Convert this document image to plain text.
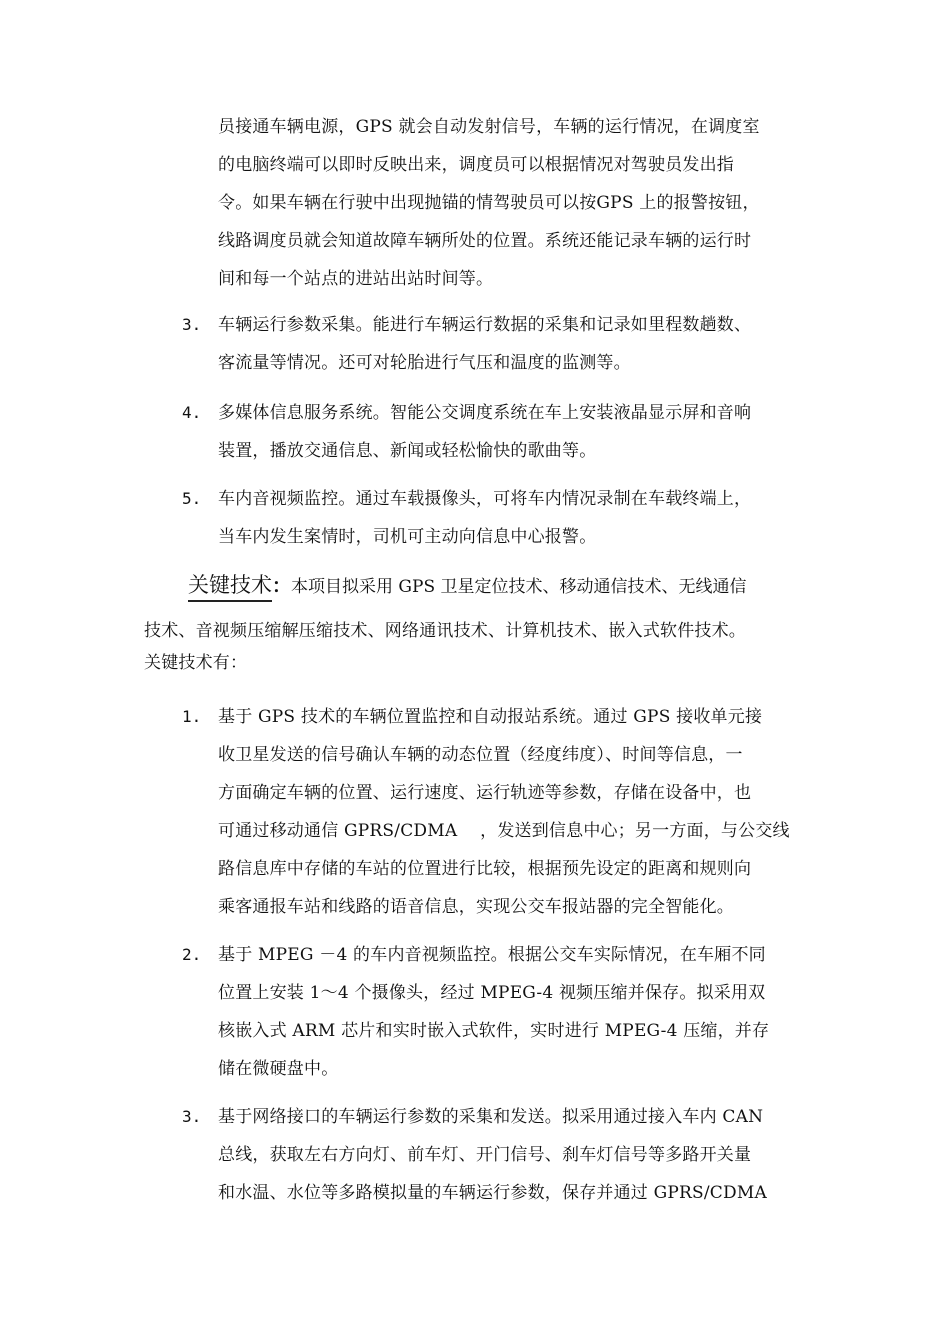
员接通车辆电源，GPS 就会自动发射信号，车辆的运行情况，在调度室
的电脑终端可以即时反映出来，调度员可以根据情况对驾驶员发出指
令。如果车辆在行驶中出现抛锚的情驾驶员可以按GPS 上的报警按钮，
线路调度员就会知道故障车辆所处的位置。系统还能记录车辆的运行时
间和每一个站点的进站出站时间等。
3. 车辆运行参数采集。能进行车辆运行数据的采集和记录如里程数趟数、
客流量等情况。还可对轮胎进行气压和温度的监测等。
4. 多媒体信息服务系统。智能公交调度系统在车上安装液晶显示屏和音响
装置，播放交通信息、新闻或轻松愉快的歌曲等。
5. 车内音视频监控。通过车载摄像头，可将车内情况录制在车载终端上，
当车内发生案情时，司机可主动向信息中心报警。
关键技术：本项目拟采用 GPS 卫星定位技术、移动通信技术、无线通信
技术、音视频压缩解压缩技术、网络通讯技术、计算机技术、嵌入式软件技术。
关键技术有：
1. 基于 GPS 技术的车辆位置监控和自动报站系统。通过 GPS 接收单元接
收卫星发送的信号确认车辆的动态位置（经度纬度）、时间等信息，一
方面确定车辆的位置、运行速度、运行轨迹等参数，存储在设备中，也
可通过移动通信 GPRS/CDMA　 ，发送到信息中心；另一方面，与公交线
路信息库中存储的车站的位置进行比较，根据预先设定的距离和规则向
乘客通报车站和线路的语音信息，实现公交车报站器的完全智能化。
2. 基于 MPEG －4 的车内音视频监控。根据公交车实际情况，在车厢不同
位置上安装 1～4 个摄像头，经过 MPEG-4 视频压缩并保存。拟采用双
核嵌入式 ARM 芯片和实时嵌入式软件，实时进行 MPEG-4 压缩，并存
储在微硬盘中。
3. 基于网络接口的车辆运行参数的采集和发送。拟采用通过接入车内 CAN
总线，获取左右方向灯、前车灯、开门信号、刹车灯信号等多路开关量
和水温、水位等多路模拟量的车辆运行参数，保存并通过 GPRS/CDMA
